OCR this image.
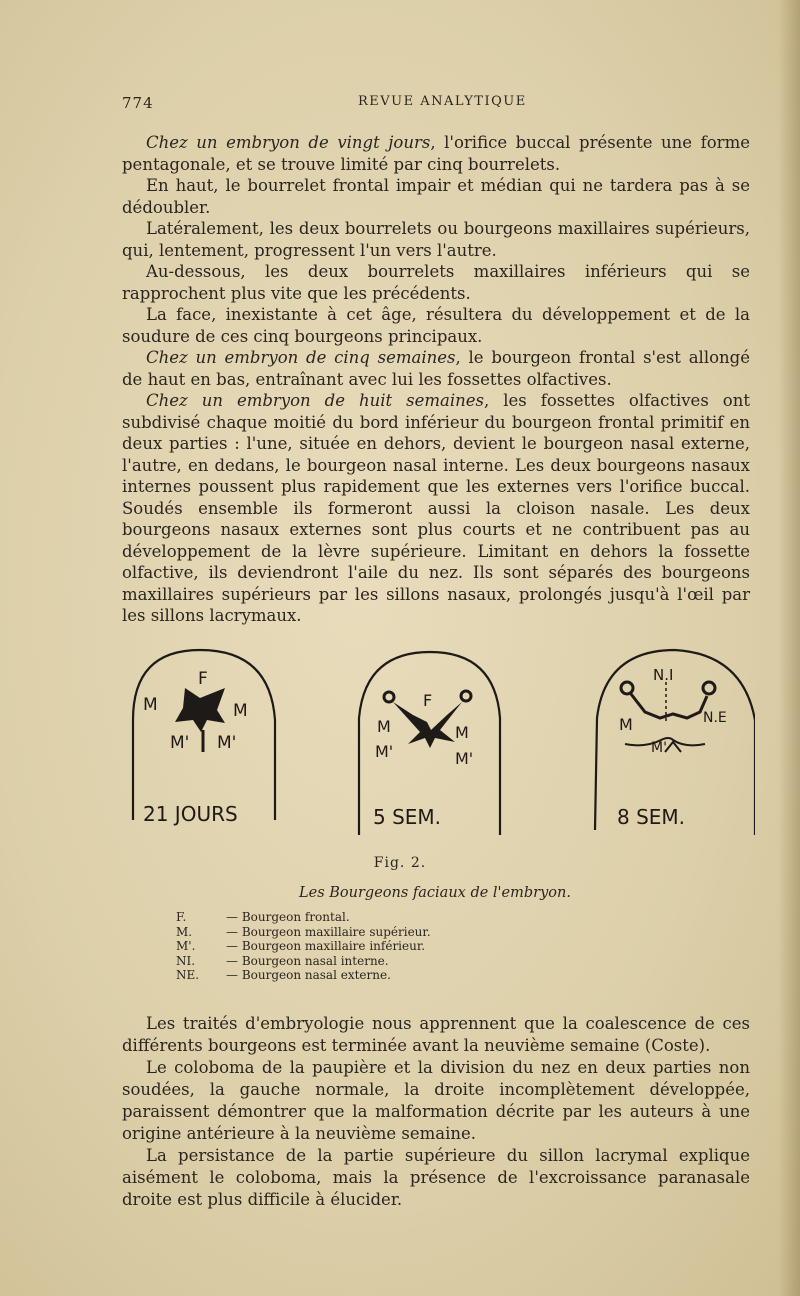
774	REVUE ANALYTIQUE

Chez un embryon de vingt jours, l'orifice buccal présente une forme pentagonale, et se trouve limité par cinq bourrelets.

En haut, le bourrelet frontal impair et médian qui ne tardera pas à se dédoubler.

Latéralement, les deux bourrelets ou bourgeons maxillaires supérieurs, qui, lentement, progressent l'un vers l'autre.

Au-dessous, les deux bourrelets maxillaires inférieurs qui se rapprochent plus vite que les précédents.

La face, inexistante à cet âge, résultera du développement et de la soudure de ces cinq bourgeons principaux.

Chez un embryon de cinq semaines, le bourgeon frontal s'est allongé de haut en bas, entraînant avec lui les fossettes olfactives.

Chez un embryon de huit semaines, les fossettes olfactives ont subdivisé chaque moitié du bord inférieur du bourgeon frontal primitif en deux parties : l'une, située en dehors, devient le bourgeon nasal externe, l'autre, en dedans, le bourgeon nasal interne. Les deux bourgeons nasaux internes poussent plus rapidement que les externes vers l'orifice buccal. Soudés ensemble ils formeront aussi la cloison nasale. Les deux bourgeons nasaux externes sont plus courts et ne contribuent pas au développement de la lèvre supérieure. Limitant en dehors la fossette olfactive, ils deviendront l'aile du nez. Ils sont séparés des bourgeons maxillaires supérieurs par les sillons nasaux, prolongés jusqu'à l'œil par les sillons lacrymaux.

F
M	M
M' M'
21 JOURS
F
M	M
M'	M'
5 SEM.
N.I
N.E
M
M'
8 SEM.
Fig. 2.
Les Bourgeons faciaux de l'embryon.
F.	— Bourgeon frontal.
M.	— Bourgeon maxillaire supérieur.
M'.	— Bourgeon maxillaire inférieur.
NI.	— Bourgeon nasal interne.
NE.	— Bourgeon nasal externe.

Les traités d'embryologie nous apprennent que la coalescence de ces différents bourgeons est terminée avant la neuvième semaine (Coste).

Le coloboma de la paupière et la division du nez en deux parties non soudées, la gauche normale, la droite incomplètement développée, paraissent démontrer que la malformation décrite par les auteurs à une origine antérieure à la neuvième semaine.

La persistance de la partie supérieure du sillon lacrymal explique aisément le coloboma, mais la présence de l'excroissance paranasale droite est plus difficile à élucider.
